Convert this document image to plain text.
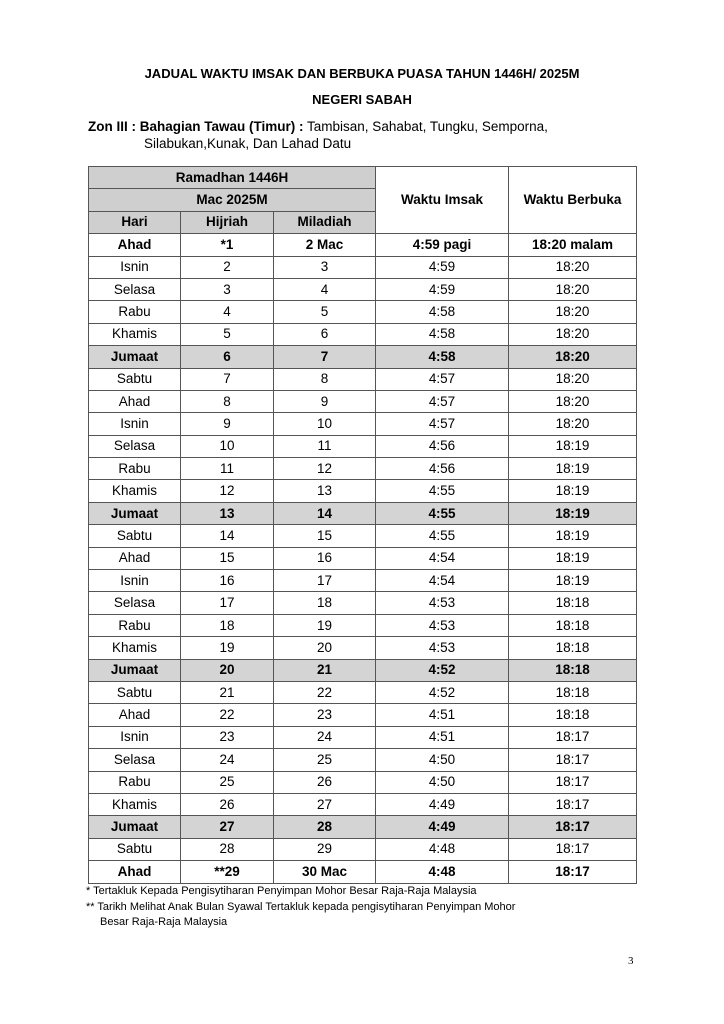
JADUAL WAKTU IMSAK DAN BERBUKA PUASA TAHUN 1446H/ 2025M
NEGERI SABAH
Zon III : Bahagian Tawau (Timur) : Tambisan, Sahabat, Tungku, Semporna,
Silabukan,Kunak, Dan Lahad Datu
Ramadhan 1446H			Waktu Imsak	Waktu Berbuka
Mac 2025M				
Hari	Hijriah	Miladiah		
Ahad	*1	2 Mac	4:59 pagi	18:20 malam
Isnin	2	3	4:59	18:20
Selasa	3	4	4:59	18:20
Rabu	4	5	4:58	18:20
Khamis	5	6	4:58	18:20
Jumaat	6	7	4:58	18:20
Sabtu	7	8	4:57	18:20
Ahad	8	9	4:57	18:20
Isnin	9	10	4:57	18:20
Selasa	10	11	4:56	18:19
Rabu	11	12	4:56	18:19
Khamis	12	13	4:55	18:19
Jumaat	13	14	4:55	18:19
Sabtu	14	15	4:55	18:19
Ahad	15	16	4:54	18:19
Isnin	16	17	4:54	18:19
Selasa	17	18	4:53	18:18
Rabu	18	19	4:53	18:18
Khamis	19	20	4:53	18:18
Jumaat	20	21	4:52	18:18
Sabtu	21	22	4:52	18:18
Ahad	22	23	4:51	18:18
Isnin	23	24	4:51	18:17
Selasa	24	25	4:50	18:17
Rabu	25	26	4:50	18:17
Khamis	26	27	4:49	18:17
Jumaat	27	28	4:49	18:17
Sabtu	28	29	4:48	18:17
Ahad	**29	30 Mac	4:48	18:17
* Tertakluk Kepada Pengisytiharan Penyimpan Mohor Besar Raja-Raja Malaysia
** Tarikh Melihat Anak Bulan Syawal Tertakluk kepada pengisytiharan Penyimpan Mohor
Besar Raja-Raja Malaysia
3
